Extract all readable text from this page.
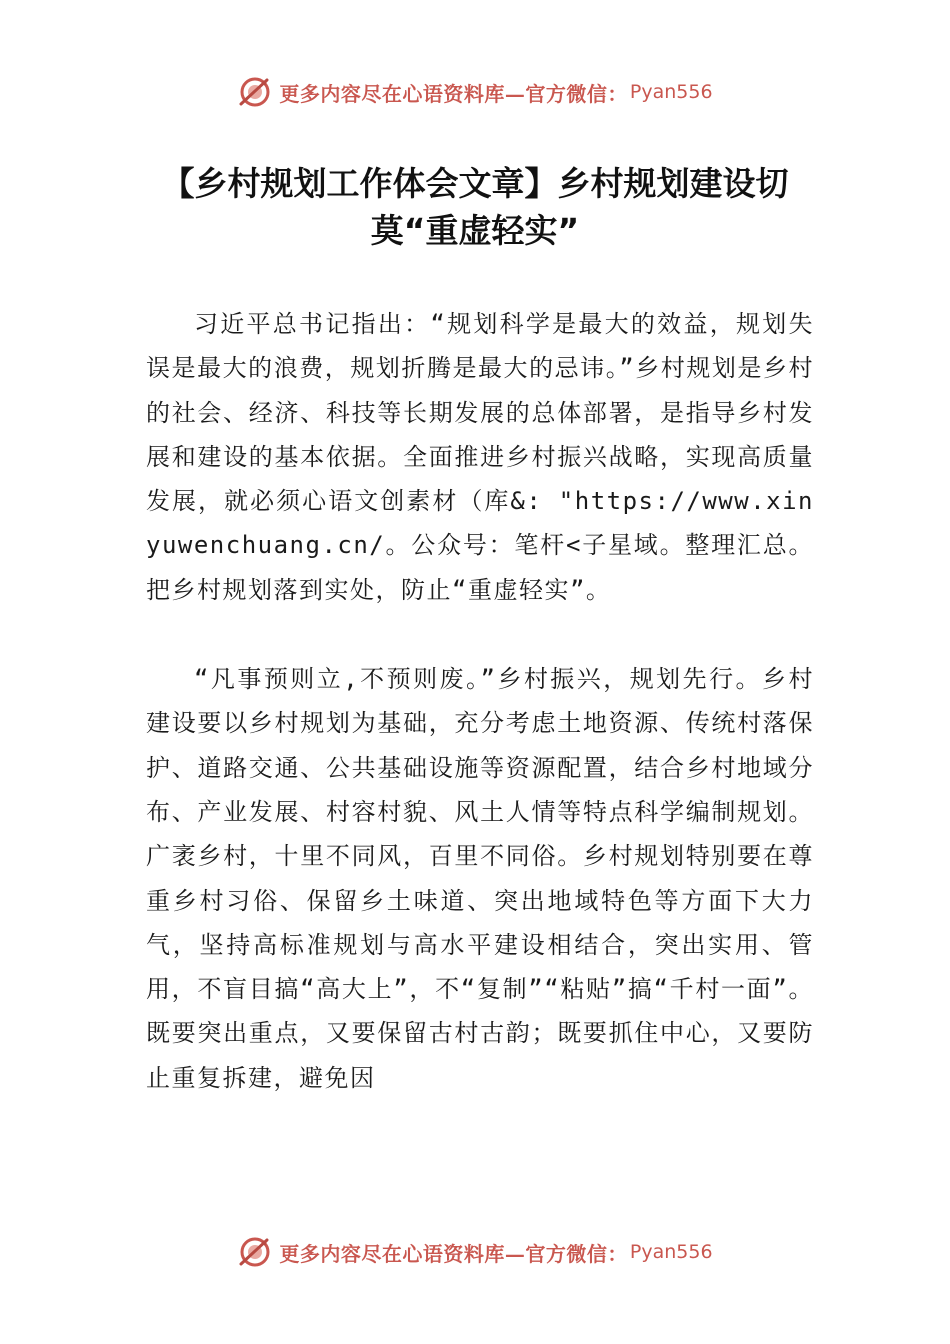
更多内容尽在心语资料库—官方微信： Pyan556
【乡村规划工作体会文章】乡村规划建设切莫“重虚轻实”

习近平总书记指出：“规划科学是最大的效益，规划失误是最大的浪费，规划折腾是最大的忌讳。”乡村规划是乡村的社会、经济、科技等长期发展的总体部署，是指导乡村发展和建设的基本依据。全面推进乡村振兴战略，实现高质量发展，就必须心语文创素材（库&: "https://www.xinyuwenchuang.cn/。公众号：笔杆<子星域。整理汇总。把乡村规划落到实处，防止“重虚轻实”。

“凡事预则立,不预则废。”乡村振兴，规划先行。乡村建设要以乡村规划为基础，充分考虑土地资源、传统村落保护、道路交通、公共基础设施等资源配置，结合乡村地域分布、产业发展、村容村貌、风土人情等特点科学编制规划。广袤乡村，十里不同风，百里不同俗。乡村规划特别要在尊重乡村习俗、保留乡土味道、突出地域特色等方面下大力气，坚持高标准规划与高水平建设相结合，突出实用、管用，不盲目搞“高大上”，不“复制”“粘贴”搞“千村一面”。既要突出重点，又要保留古村古韵；既要抓住中心，又要防止重复拆建，避免因

更多内容尽在心语资料库—官方微信： Pyan556
